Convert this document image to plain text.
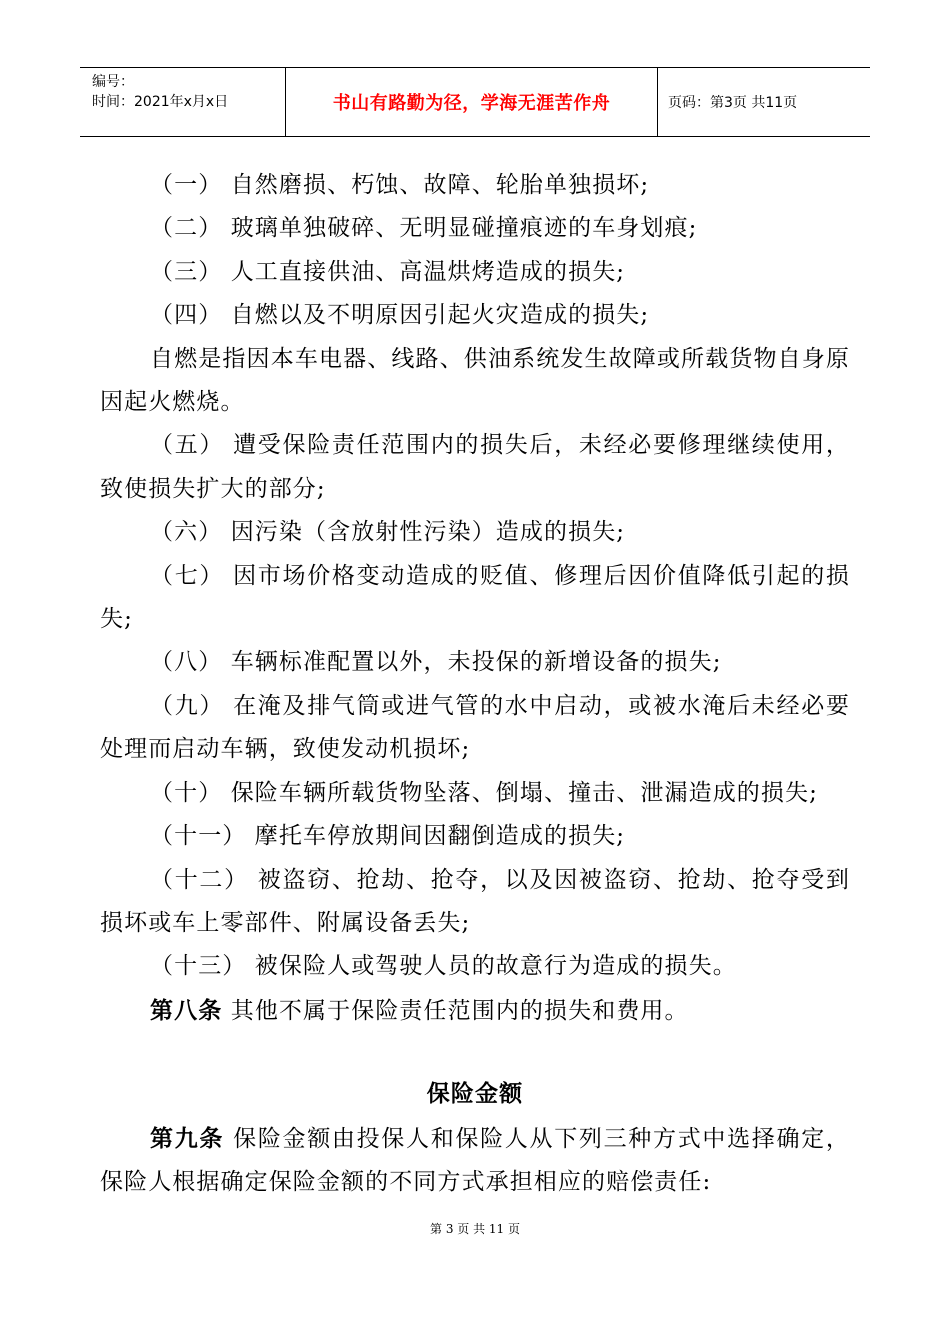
编号：
时间：2021年x月x日	书山有路勤为径，学海无涯苦作舟	页码：第3页 共11页

（一） 自然磨损、朽蚀、故障、轮胎单独损坏;

（二） 玻璃单独破碎、无明显碰撞痕迹的车身划痕;

（三） 人工直接供油、高温烘烤造成的损失;

（四） 自燃以及不明原因引起火灾造成的损失;

自燃是指因本车电器、线路、供油系统发生故障或所载货物自身原因起火燃烧。

（五） 遭受保险责任范围内的损失后，未经必要修理继续使用，致使损失扩大的部分;

（六） 因污染（含放射性污染）造成的损失;

（七） 因市场价格变动造成的贬值、修理后因价值降低引起的损失;

（八） 车辆标准配置以外，未投保的新增设备的损失;

（九） 在淹及排气筒或进气管的水中启动，或被水淹后未经必要处理而启动车辆，致使发动机损坏;

（十） 保险车辆所载货物坠落、倒塌、撞击、泄漏造成的损失;

（十一） 摩托车停放期间因翻倒造成的损失;

（十二） 被盗窃、抢劫、抢夺，以及因被盗窃、抢劫、抢夺受到损坏或车上零部件、附属设备丢失;

（十三） 被保险人或驾驶人员的故意行为造成的损失。

第八条 其他不属于保险责任范围内的损失和费用。

保险金额

第九条 保险金额由投保人和保险人从下列三种方式中选择确定，保险人根据确定保险金额的不同方式承担相应的赔偿责任:

第 3 页 共 11 页
